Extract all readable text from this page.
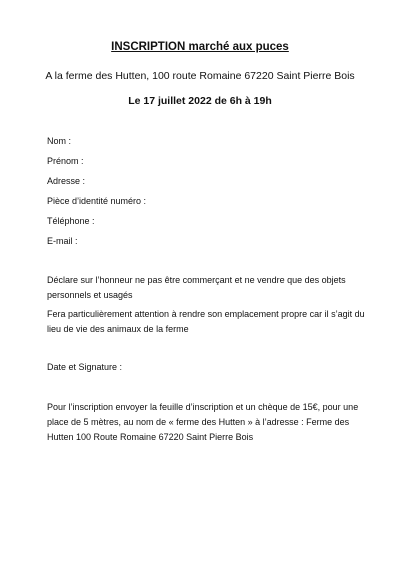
INSCRIPTION marché aux puces
A la ferme des Hutten, 100 route Romaine 67220 Saint Pierre Bois
Le 17 juillet 2022 de 6h à 19h
Nom :
Prénom :
Adresse :
Pièce d’identité numéro :
Téléphone :
E-mail :
Déclare sur l’honneur ne pas être commerçant et ne vendre que des objets personnels et usagés
Fera particulièrement attention à rendre son emplacement propre car il s’agit du lieu de vie des animaux de la ferme
Date et Signature :
Pour l’inscription envoyer la feuille d’inscription et un chèque de 15€, pour une place de 5 mètres, au nom de « ferme des Hutten » à l’adresse : Ferme des Hutten 100 Route Romaine 67220 Saint Pierre Bois
